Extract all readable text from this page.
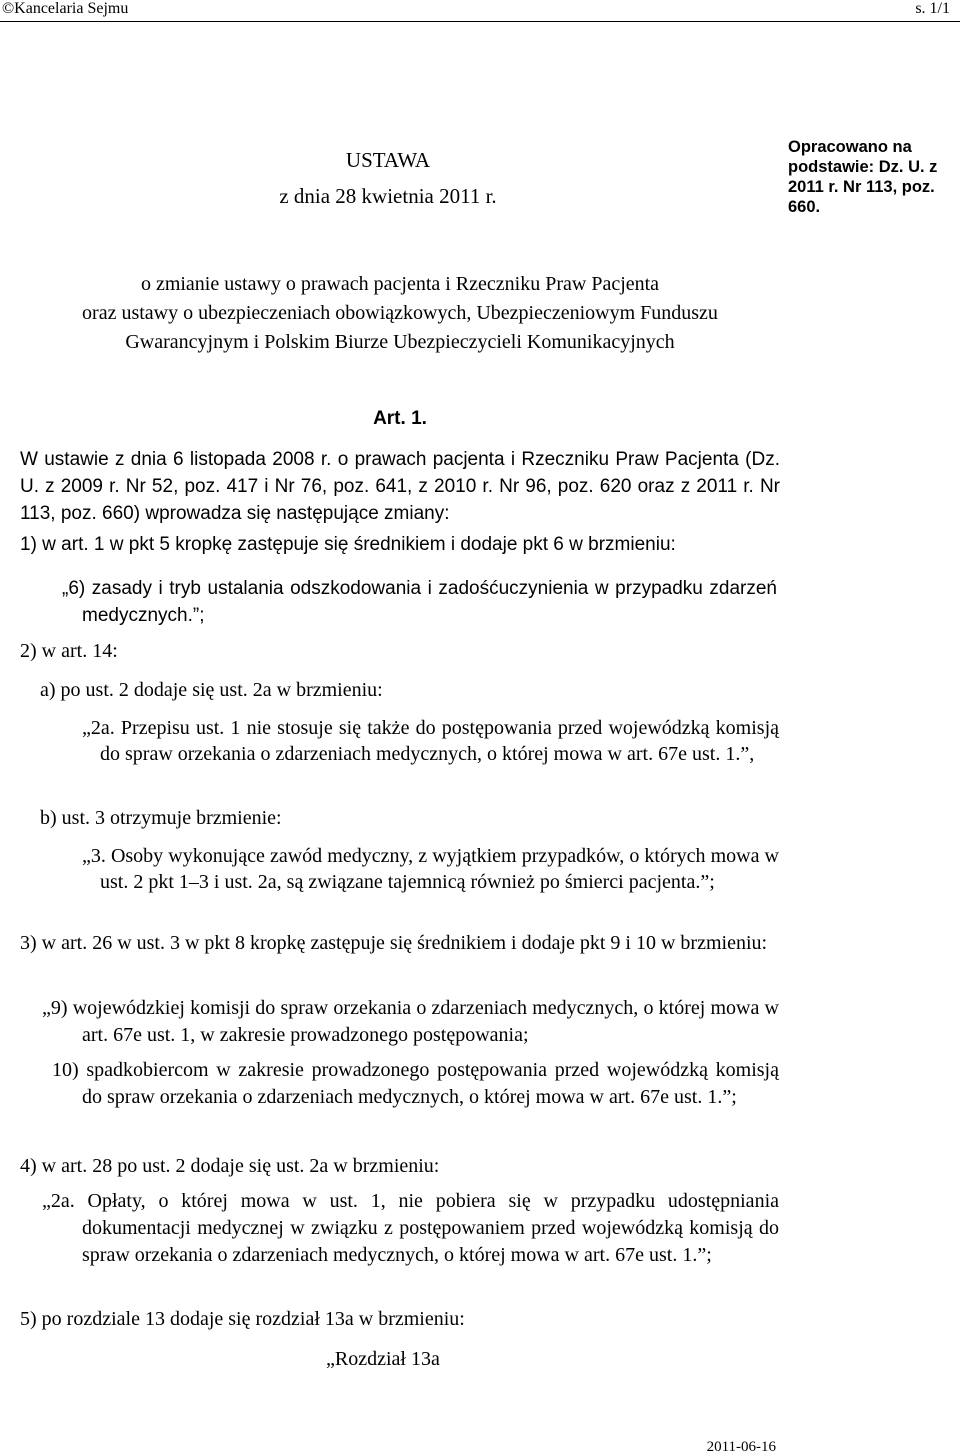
©Kancelaria Sejmu	s. 1/1
USTAWA
z dnia 28 kwietnia 2011 r.
Opracowano na podstawie: Dz. U. z 2011 r. Nr 113, poz. 660.
o zmianie ustawy o prawach pacjenta i Rzeczniku Praw Pacjenta
oraz ustawy o ubezpieczeniach obowiązkowych, Ubezpieczeniowym Funduszu
Gwarancyjnym i Polskim Biurze Ubezpieczycieli Komunikacyjnych
Art. 1.
W ustawie z dnia 6 listopada 2008 r. o prawach pacjenta i Rzeczniku Praw Pacjenta (Dz. U. z 2009 r. Nr 52, poz. 417 i Nr 76, poz. 641, z 2010 r. Nr 96, poz. 620 oraz z 2011 r. Nr 113, poz. 660) wprowadza się następujące zmiany:
1) w art. 1 w pkt 5 kropkę zastępuje się średnikiem i dodaje pkt 6 w brzmieniu:
„6) zasady i tryb ustalania odszkodowania i zadośćuczynienia w przypadku zdarzeń medycznych.”;
2) w art. 14:
a) po ust. 2 dodaje się ust. 2a w brzmieniu:
„2a. Przepisu ust. 1 nie stosuje się także do postępowania przed wojewódzką komisją do spraw orzekania o zdarzeniach medycznych, o której mowa w art. 67e ust. 1.”,
b) ust. 3 otrzymuje brzmienie:
„3. Osoby wykonujące zawód medyczny, z wyjątkiem przypadków, o których mowa w ust. 2 pkt 1–3 i ust. 2a, są związane tajemnicą również po śmierci pacjenta.”;
3) w art. 26 w ust. 3 w pkt 8 kropkę zastępuje się średnikiem i dodaje pkt 9 i 10 w brzmieniu:
„9) wojewódzkiej komisji do spraw orzekania o zdarzeniach medycznych, o której mowa w art. 67e ust. 1, w zakresie prowadzonego postępowania;
10) spadkobiercom w zakresie prowadzonego postępowania przed wojewódzką komisją do spraw orzekania o zdarzeniach medycznych, o której mowa w art. 67e ust. 1.”;
4) w art. 28 po ust. 2 dodaje się ust. 2a w brzmieniu:
„2a. Opłaty, o której mowa w ust. 1, nie pobiera się w przypadku udostępniania dokumentacji medycznej w związku z postępowaniem przed wojewódzką komisją do spraw orzekania o zdarzeniach medycznych, o której mowa w art. 67e ust. 1.”;
5) po rozdziale 13 dodaje się rozdział 13a w brzmieniu:
„Rozdział 13a
2011-06-16
